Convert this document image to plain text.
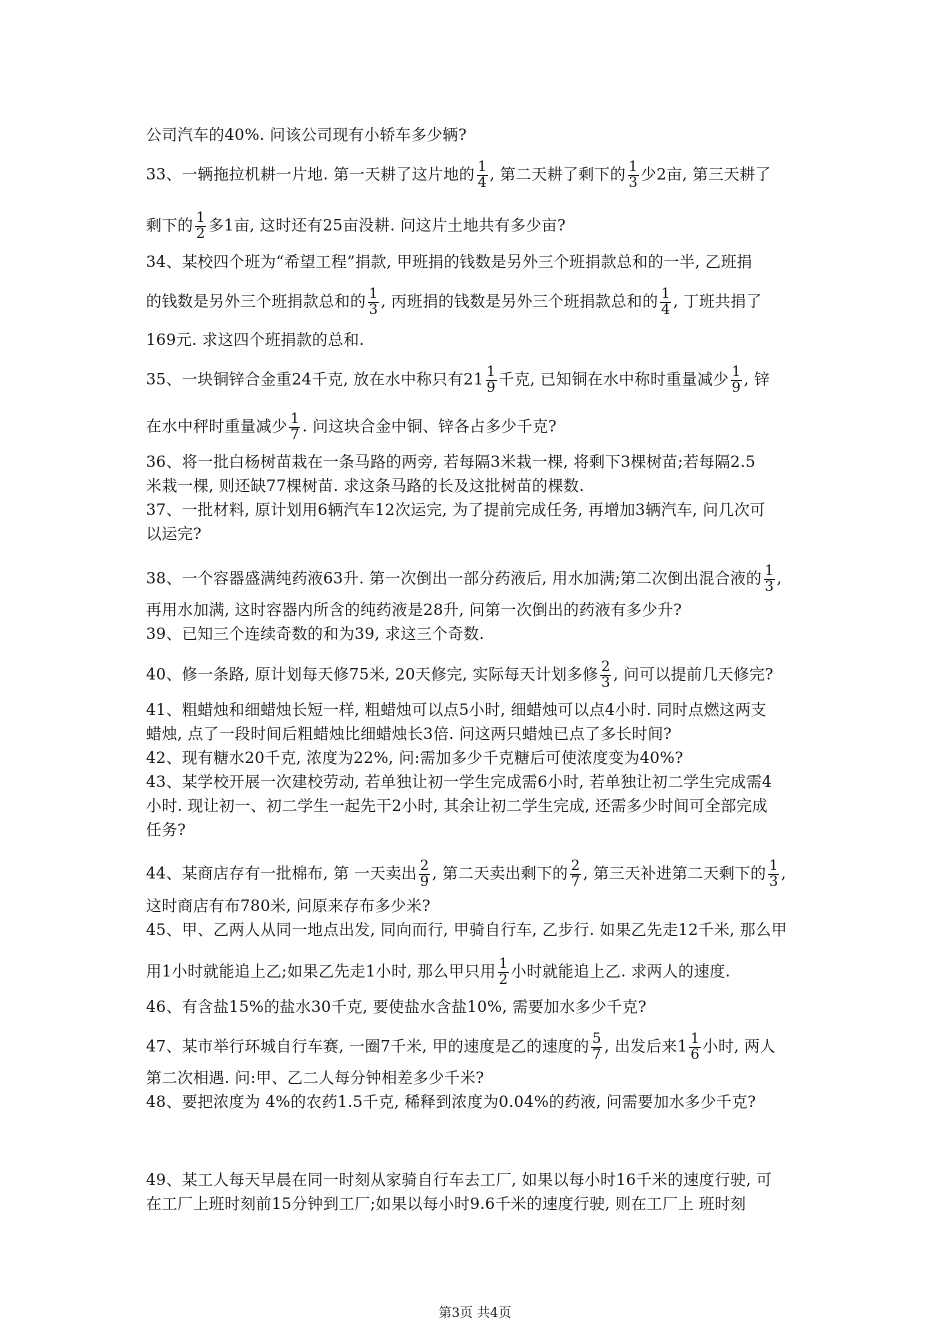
公司汽车的40%. 问该公司现有小轿车多少辆?
33、一辆拖拉机耕一片地. 第一天耕了这片地的 $\frac{1}{4}$ , 第二天耕了剩下的 $\frac{1}{3}$ 少2亩, 第三天耕了
剩下的 $\frac{1}{2}$ 多1亩, 这时还有25亩没耕. 问这片土地共有多少亩?
34、某校四个班为“希望工程”捐款, 甲班捐的钱数是另外三个班捐款总和的一半, 乙班捐
的钱数是另外三个班捐款总和的 $\frac{1}{3}$ , 丙班捐的钱数是另外三个班捐款总和的 $\frac{1}{4}$ , 丁班共捐了
169元. 求这四个班捐款的总和.
35、一块铜锌合金重24千克, 放在水中称只有$21 \frac{1}{9}$ 千克, 已知铜在水中称时重量减少 $\frac{1}{9}$ , 锌
在水中秤时重量减少 $\frac{1}{7}$ . 问这块合金中铜、锌各占多少千克?
36、将一批白杨树苗栽在一条马路的两旁, 若每隔3米栽一棵, 将剩下3棵树苗;若每隔2.5
米栽一棵, 则还缺77棵树苗. 求这条马路的长及这批树苗的棵数.
37、一批材料, 原计划用6辆汽车12次运完, 为了提前完成任务, 再增加3辆汽车, 问几次可
以运完?
38、一个容器盛满纯药液63升. 第一次倒出一部分药液后, 用水加满;第二次倒出混合液的 $\frac{1}{3}$ ,
再用水加满, 这时容器内所含的纯药液是28升, 问第一次倒出的药液有多少升?
39、已知三个连续奇数的和为39, 求这三个奇数.
40、修一条路, 原计划每天修75米, 20天修完, 实际每天计划多修 $\frac{2}{3}$ , 问可以提前几天修完?
41、粗蜡烛和细蜡烛长短一样, 粗蜡烛可以点5小时, 细蜡烛可以点4小时. 同时点燃这两支
蜡烛, 点了一段时间后粗蜡烛比细蜡烛长3倍. 问这两只蜡烛已点了多长时间?
42、现有糖水20千克, 浓度为22%, 问:需加多少千克糖后可使浓度变为40%?
43、某学校开展一次建校劳动, 若单独让初一学生完成需6小时, 若单独让初二学生完成需4
小时. 现让初一、初二学生一起先干2小时, 其余让初二学生完成, 还需多少时间可全部完成
任务?
44、某商店存有一批棉布, 第 一天卖出 $\frac{2}{9}$ , 第二天卖出剩下的 $\frac{2}{7}$ , 第三天补进第二天剩下的 $\frac{1}{3}$ ,
这时商店有布780米, 问原来存布多少米?
45、甲、乙两人从同一地点出发, 同向而行, 甲骑自行车, 乙步行. 如果乙先走12千米, 那么甲
用1小时就能追上乙;如果乙先走1小时, 那么甲只用 $\frac{1}{2}$ 小时就能追上乙. 求两人的速度.
46、有含盐15%的盐水30千克, 要使盐水含盐10%, 需要加水多少千克?
47、某市举行环城自行车赛, 一圈7千米, 甲的速度是乙的速度的 $\frac{5}{7}$ , 出发后来$1 \frac{1}{6}$ 小时, 两人
第二次相遇. 问:甲、乙二人每分钟相差多少千米?
48、要把浓度为 4%的农药1.5千克, 稀释到浓度为0.04%的药液, 问需要加水多少千克?
49、某工人每天早晨在同一时刻从家骑自行车去工厂, 如果以每小时16千米的速度行驶, 可
在工厂上班时刻前15分钟到工厂;如果以每小时9.6千米的速度行驶, 则在工厂上 班时刻
第3页 共4页
